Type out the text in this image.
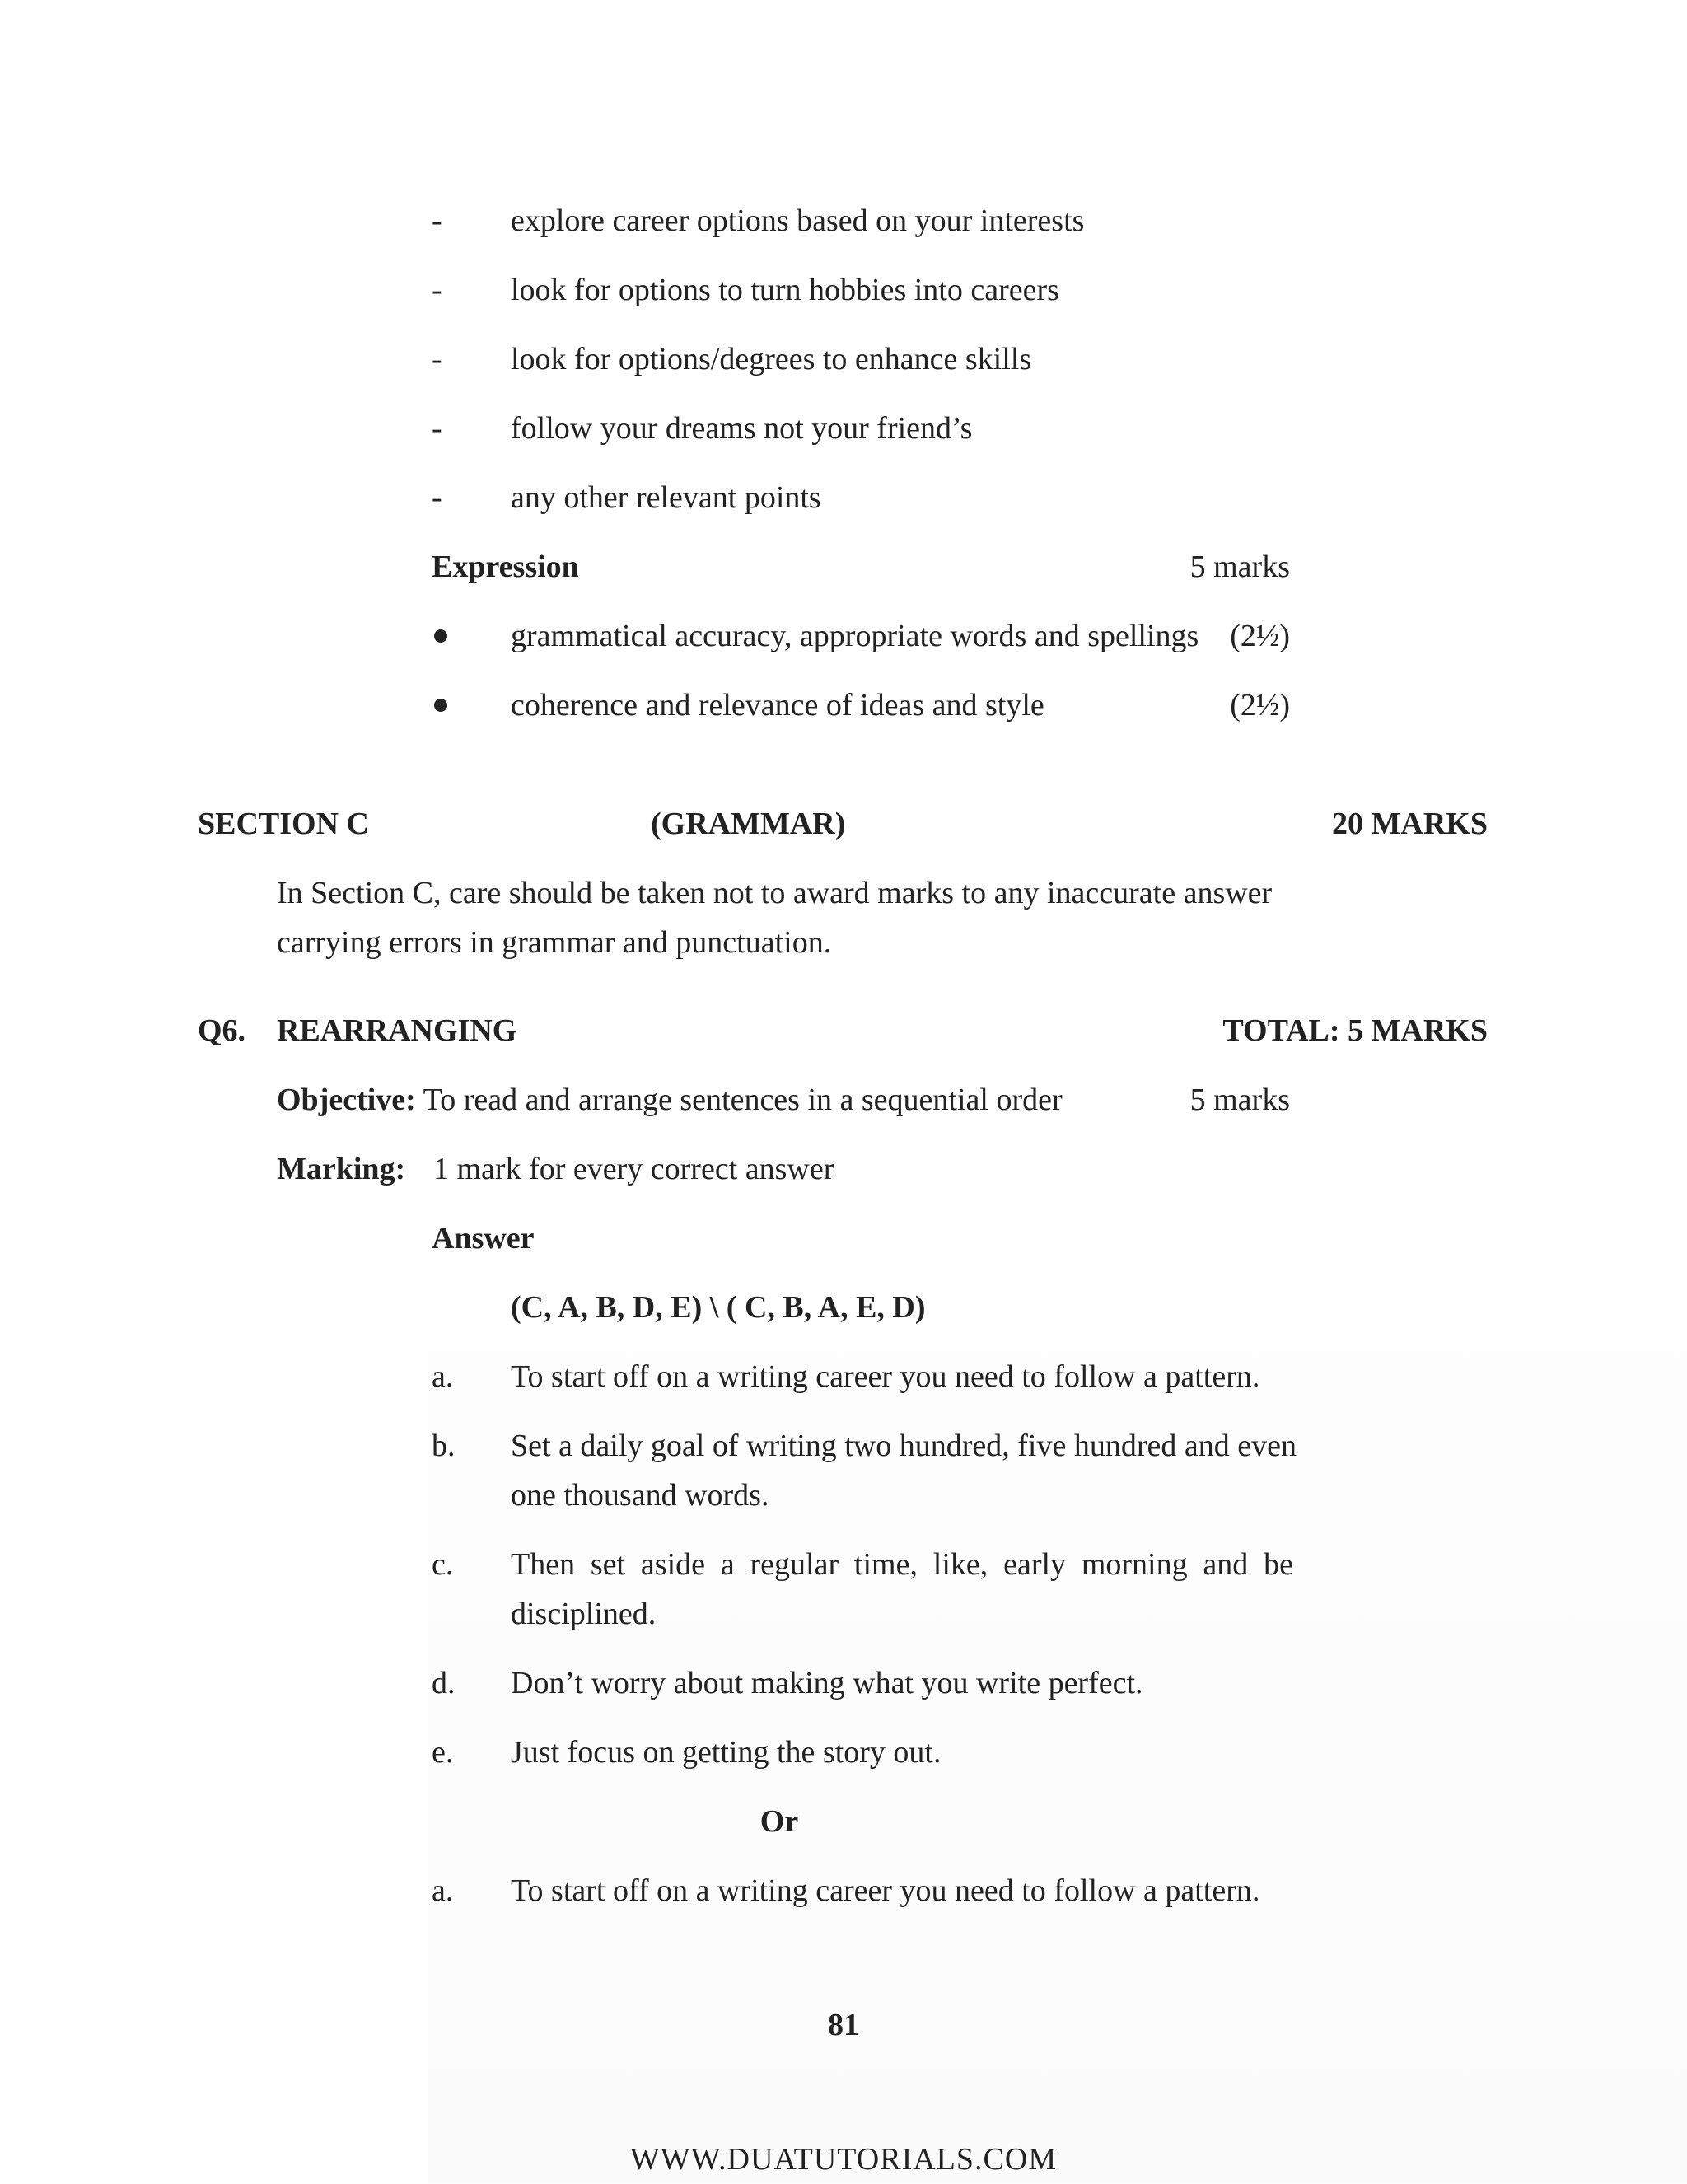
- explore career options based on your interests
- look for options to turn hobbies into careers
- look for options/degrees to enhance skills
- follow your dreams not your friend’s
- any other relevant points
Expression	5 marks
grammatical accuracy, appropriate words and spellings (2½)
coherence and relevance of ideas and style	(2½)
SECTION C	(GRAMMAR)	20 MARKS
In Section C, care should be taken not to award marks to any inaccurate answer
carrying errors in grammar and punctuation.
Q6. REARRANGING	TOTAL: 5 MARKS
Objective: To read and arrange sentences in a sequential order	5 marks
Marking: 1 mark for every correct answer
Answer
(C, A, B, D, E) \ ( C, B, A, E, D)
a. To start off on a writing career you need to follow a pattern.
b. Set a daily goal of writing two hundred, five hundred and even
one thousand words.
c. Then set aside a regular time, like, early morning and be
disciplined.
d. Don’t worry about making what you write perfect.
e. Just focus on getting the story out.
Or
a. To start off on a writing career you need to follow a pattern.
81
WWW.DUATUTORIALS.COM
